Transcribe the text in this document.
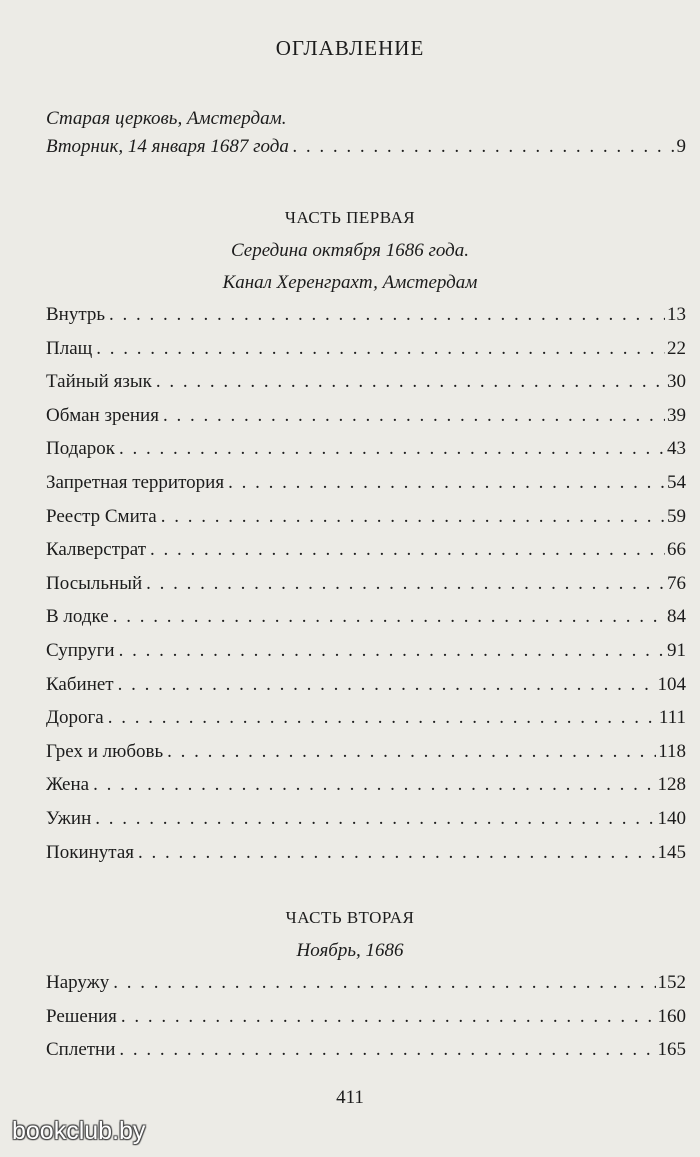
ОГЛАВЛЕНИЕ
Старая церковь, Амстердам.
Вторник, 14 января 1687 года . . .	9
ЧАСТЬ ПЕРВАЯ
Середина октября 1686 года.
Канал Херенграхт, Амстердам
Внутрь . . .	13
Плащ . . .	22
Тайный язык . . .	30
Обман зрения . . .	39
Подарок . . .	43
Запретная территория . . .	54
Реестр Смита . . .	59
Калверстрат . . .	66
Посыльный . . .	76
В лодке . . .	84
Супруги . . .	91
Кабинет . . .	104
Дорога . . .	111
Грех и любовь . . .	118
Жена . . .	128
Ужин . . .	140
Покинутая . . .	145
ЧАСТЬ ВТОРАЯ
Ноябрь, 1686
Наружу . . .	152
Решения . . .	160
Сплетни . . .	165
411
bookclub.by
